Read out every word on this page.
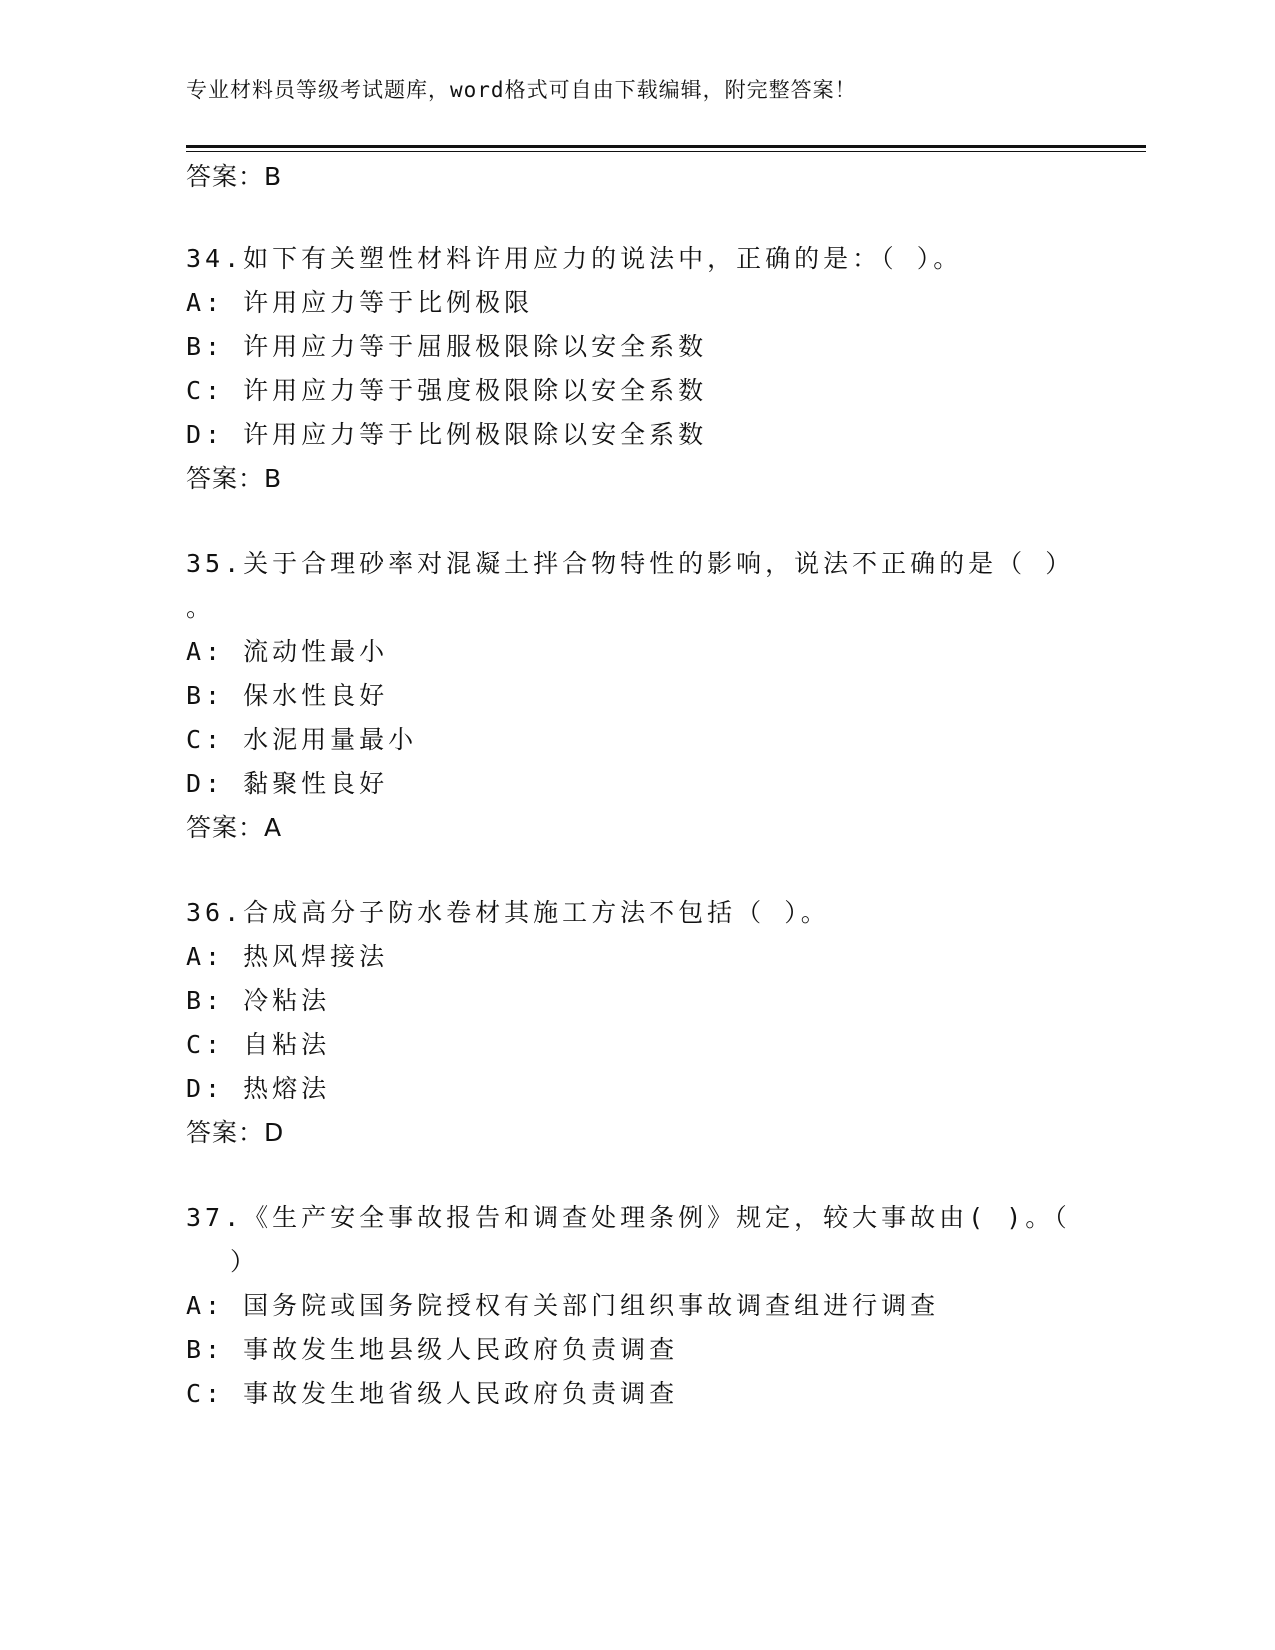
专业材料员等级考试题库，word格式可自由下载编辑，附完整答案！
答案：B
34.如下有关塑性材料许用应力的说法中，正确的是：（ ）。
A: 许用应力等于比例极限
B: 许用应力等于屈服极限除以安全系数
C: 许用应力等于强度极限除以安全系数
D: 许用应力等于比例极限除以安全系数
答案：B
35.关于合理砂率对混凝土拌合物特性的影响，说法不正确的是（ ）
。
A: 流动性最小
B: 保水性良好
C: 水泥用量最小
D: 黏聚性良好
答案：A
36.合成高分子防水卷材其施工方法不包括（ ）。
A: 热风焊接法
B: 冷粘法
C: 自粘法
D: 热熔法
答案：D
37.《生产安全事故报告和调查处理条例》规定，较大事故由( )。（
）
A: 国务院或国务院授权有关部门组织事故调查组进行调查
B: 事故发生地县级人民政府负责调查
C: 事故发生地省级人民政府负责调查
